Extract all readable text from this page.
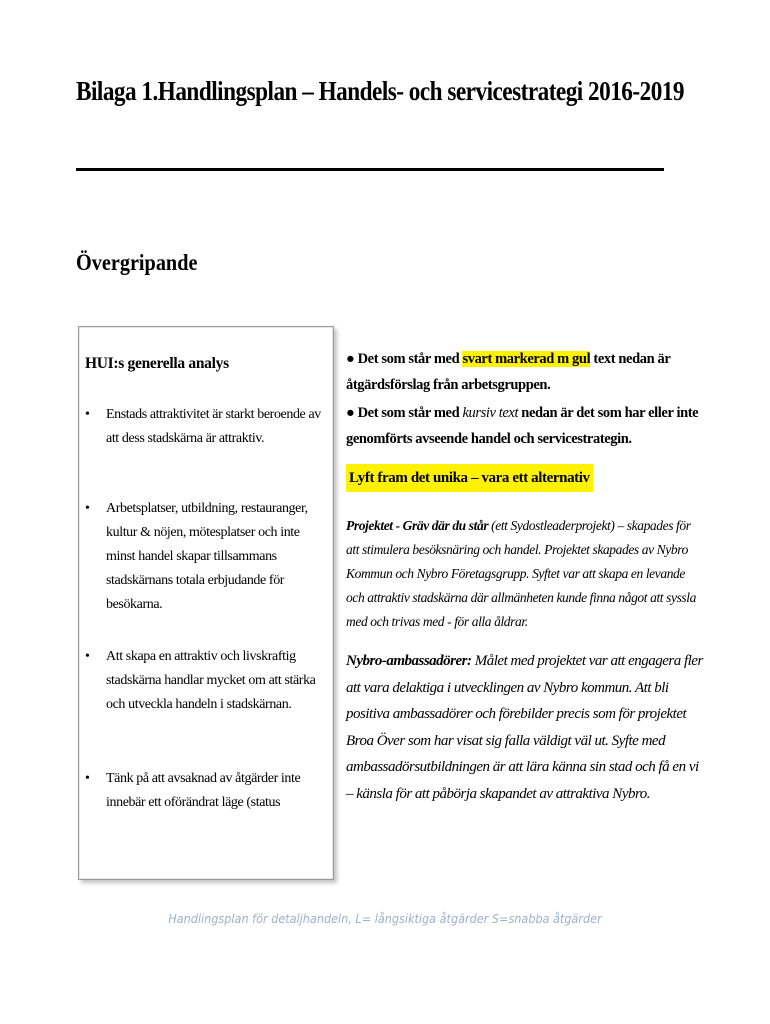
Bilaga 1.Handlingsplan – Handels- och servicestrategi 2016-2019
Övergripande
HUI:s generella analys
•	Enstads attraktivitet är starkt beroende av att dess stadskärna är attraktiv.
•	Arbetsplatser, utbildning, restauranger, kultur & nöjen, mötesplatser och inte minst handel skapar tillsammans stadskärnans totala erbjudande för besökarna.
•	Att skapa en attraktiv och livskraftig stadskärna handlar mycket om att stärka och utveckla handeln i stadskärnan.
•	Tänk på att avsaknad av åtgärder inte innebär ett oförändrat läge (status
● Det som står med svart markerad m gul text nedan är åtgärdsförslag från arbetsgruppen.
● Det som står med kursiv text nedan är det som har eller inte genomförts avseende handel och servicestrategin.
Lyft fram det unika – vara ett alternativ
Projektet - Gräv där du står (ett Sydostleaderprojekt) – skapades för att stimulera besöksnäring och handel. Projektet skapades av Nybro Kommun och Nybro Företagsgrupp. Syftet var att skapa en levande och attraktiv stadskärna där allmänheten kunde finna något att syssla med och trivas med - för alla åldrar.
Nybro-ambassadörer: Målet med projektet var att engagera fler att vara delaktiga i utvecklingen av Nybro kommun. Att bli positiva ambassadörer och förebilder precis som för projektet Broa Över som har visat sig falla väldigt väl ut. Syfte med ambassadörsutbildningen är att lära känna sin stad och få en vi – känsla för att påbörja skapandet av attraktiva Nybro.
Handlingsplan för detaljhandeln, L= långsiktiga åtgärder S=snabba åtgärder
